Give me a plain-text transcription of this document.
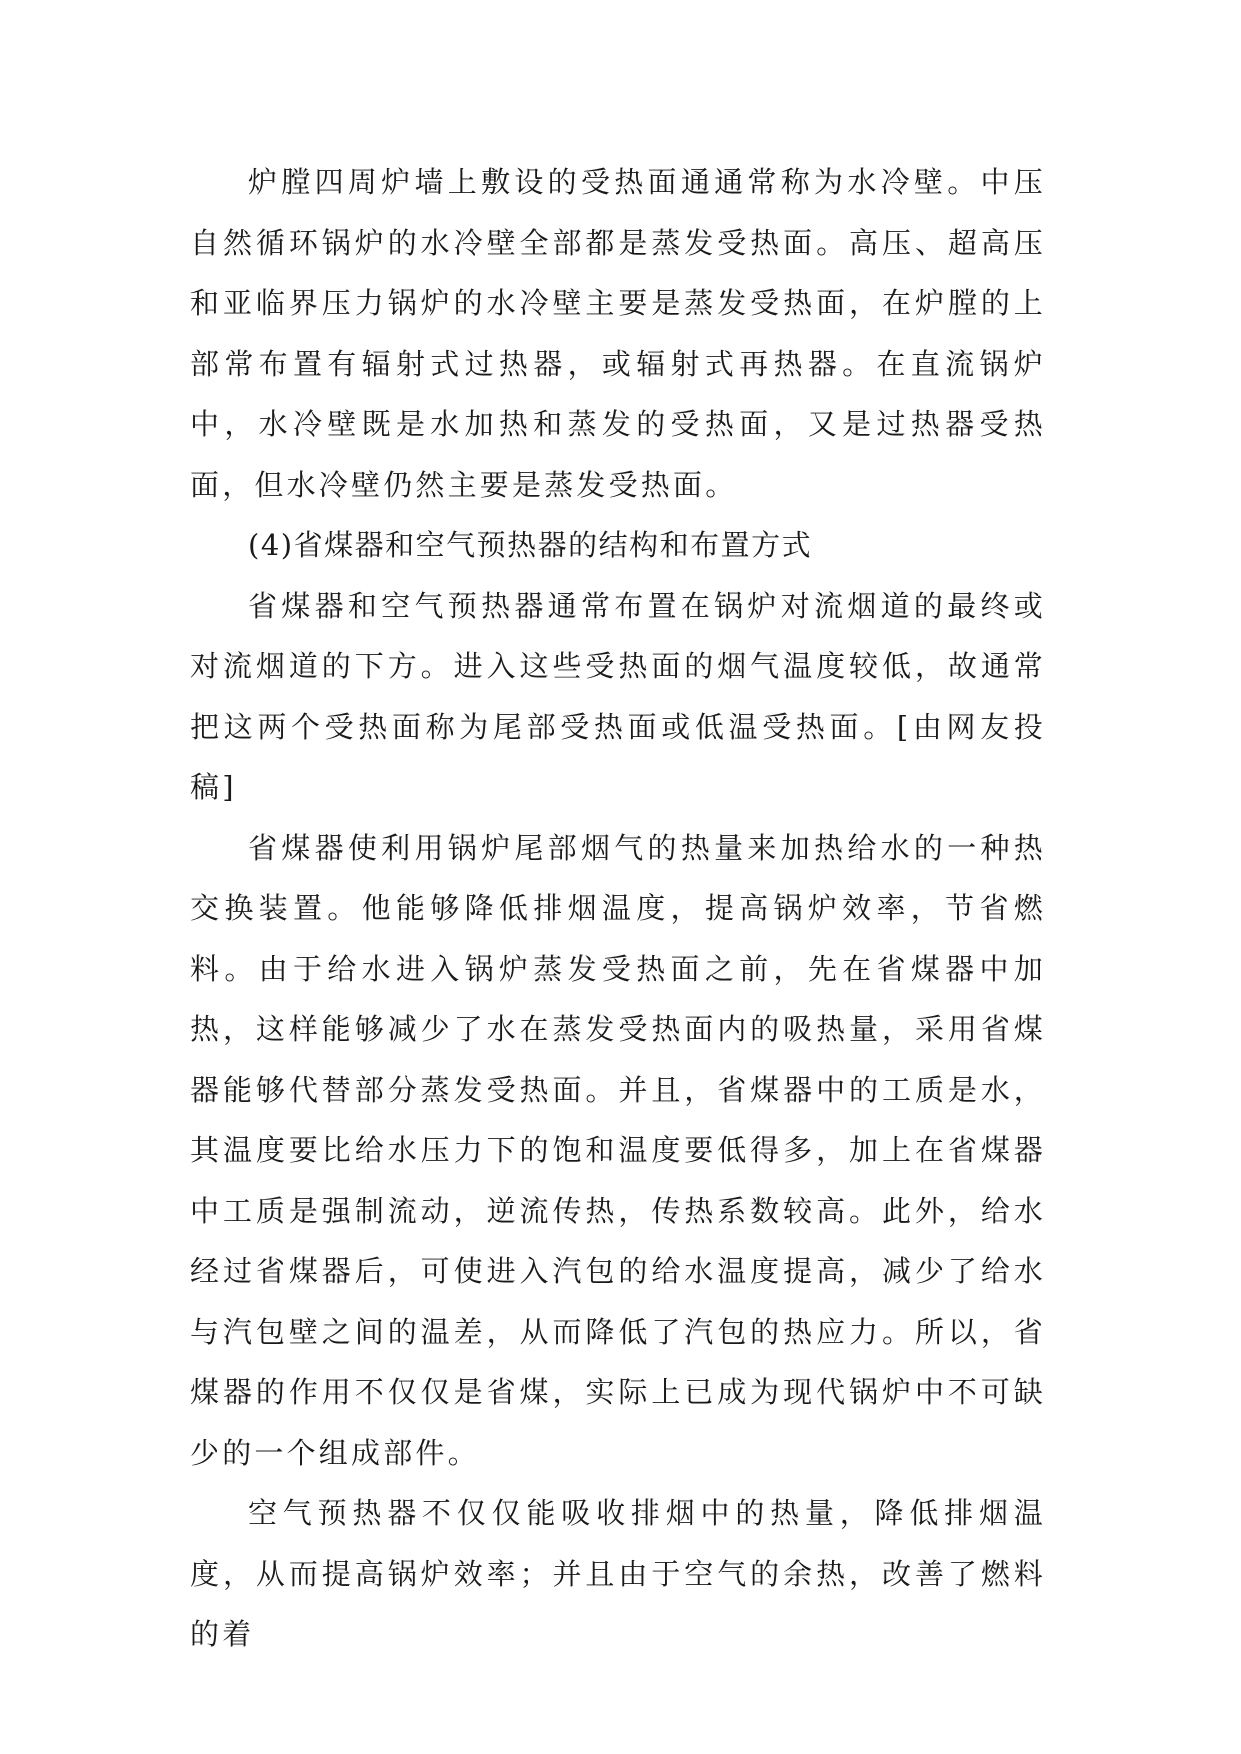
炉膛四周炉墙上敷设的受热面通通常称为水冷壁。中压自然循环锅炉的水冷壁全部都是蒸发受热面。高压、超高压和亚临界压力锅炉的水冷壁主要是蒸发受热面，在炉膛的上部常布置有辐射式过热器，或辐射式再热器。在直流锅炉中，水冷壁既是水加热和蒸发的受热面，又是过热器受热面，但水冷壁仍然主要是蒸发受热面。

(4)省煤器和空气预热器的结构和布置方式

省煤器和空气预热器通常布置在锅炉对流烟道的最终或对流烟道的下方。进入这些受热面的烟气温度较低，故通常把这两个受热面称为尾部受热面或低温受热面。[由网友投稿]

省煤器使利用锅炉尾部烟气的热量来加热给水的一种热交换装置。他能够降低排烟温度，提高锅炉效率，节省燃料。由于给水进入锅炉蒸发受热面之前，先在省煤器中加热，这样能够减少了水在蒸发受热面内的吸热量，采用省煤器能够代替部分蒸发受热面。并且，省煤器中的工质是水，其温度要比给水压力下的饱和温度要低得多，加上在省煤器中工质是强制流动，逆流传热，传热系数较高。此外，给水经过省煤器后，可使进入汽包的给水温度提高，减少了给水与汽包壁之间的温差，从而降低了汽包的热应力。所以，省煤器的作用不仅仅是省煤，实际上已成为现代锅炉中不可缺少的一个组成部件。

空气预热器不仅仅能吸收排烟中的热量，降低排烟温度，从而提高锅炉效率；并且由于空气的余热，改善了燃料的着
